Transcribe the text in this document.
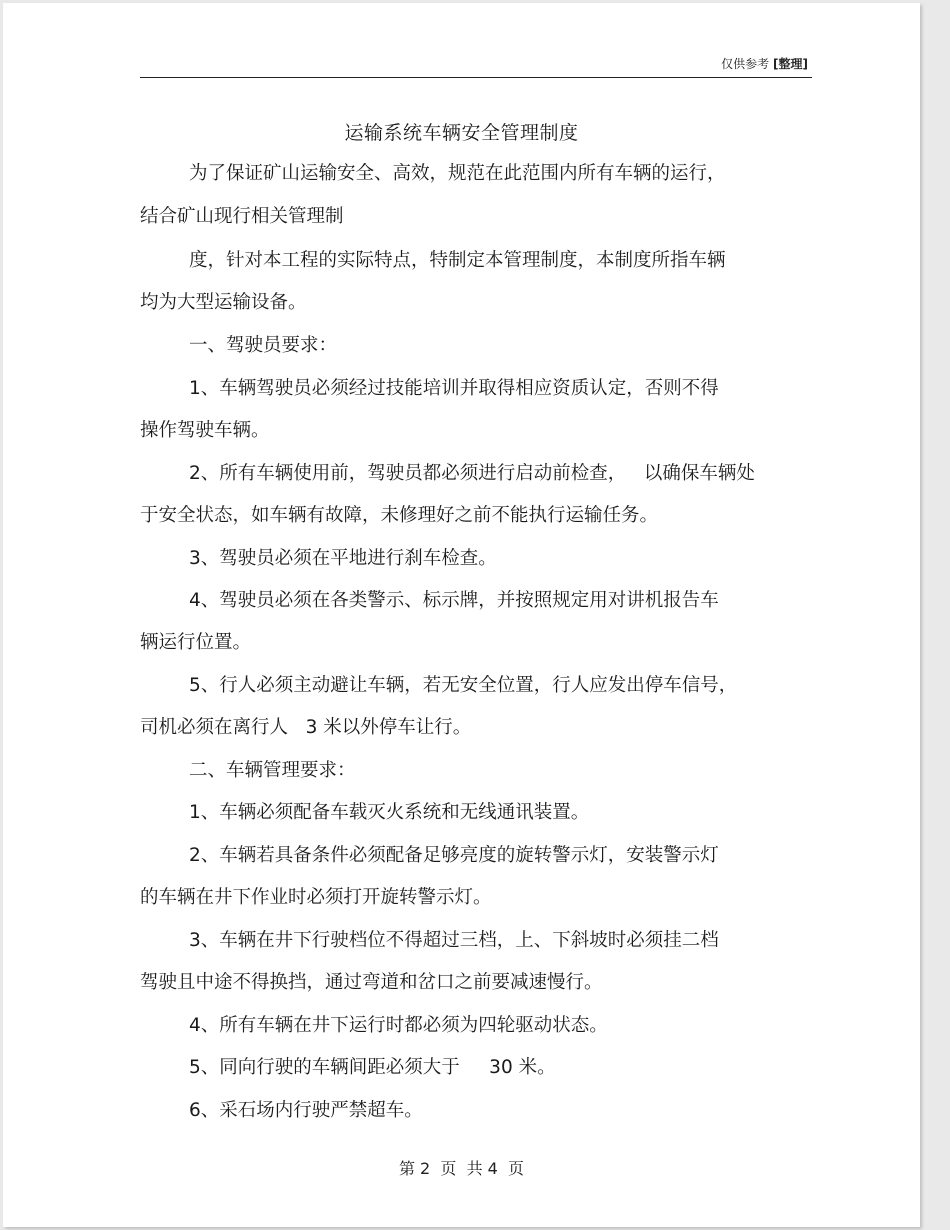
仅供参考 [整理]
运输系统车辆安全管理制度
为了保证矿山运输安全、高效，规范在此范围内所有车辆的运行，
结合矿山现行相关管理制
度，针对本工程的实际特点，特制定本管理制度，本制度所指车辆
均为大型运输设备。
一、驾驶员要求：
1、车辆驾驶员必须经过技能培训并取得相应资质认定，否则不得
操作驾驶车辆。
2、所有车辆使用前，驾驶员都必须进行启动前检查，   以确保车辆处
于安全状态，如车辆有故障，未修理好之前不能执行运输任务。
3、驾驶员必须在平地进行刹车检查。
4、驾驶员必须在各类警示、标示牌，并按照规定用对讲机报告车
辆运行位置。
5、行人必须主动避让车辆，若无安全位置，行人应发出停车信号，
司机必须在离行人   3 米以外停车让行。
二、车辆管理要求：
1、车辆必须配备车载灭火系统和无线通讯装置。
2、车辆若具备条件必须配备足够亮度的旋转警示灯，安装警示灯
的车辆在井下作业时必须打开旋转警示灯。
3、车辆在井下行驶档位不得超过三档，上、下斜坡时必须挂二档
驾驶且中途不得换挡，通过弯道和岔口之前要减速慢行。
4、所有车辆在井下运行时都必须为四轮驱动状态。
5、同向行驶的车辆间距必须大于     30 米。
6、采石场内行驶严禁超车。
第 2  页  共 4  页
